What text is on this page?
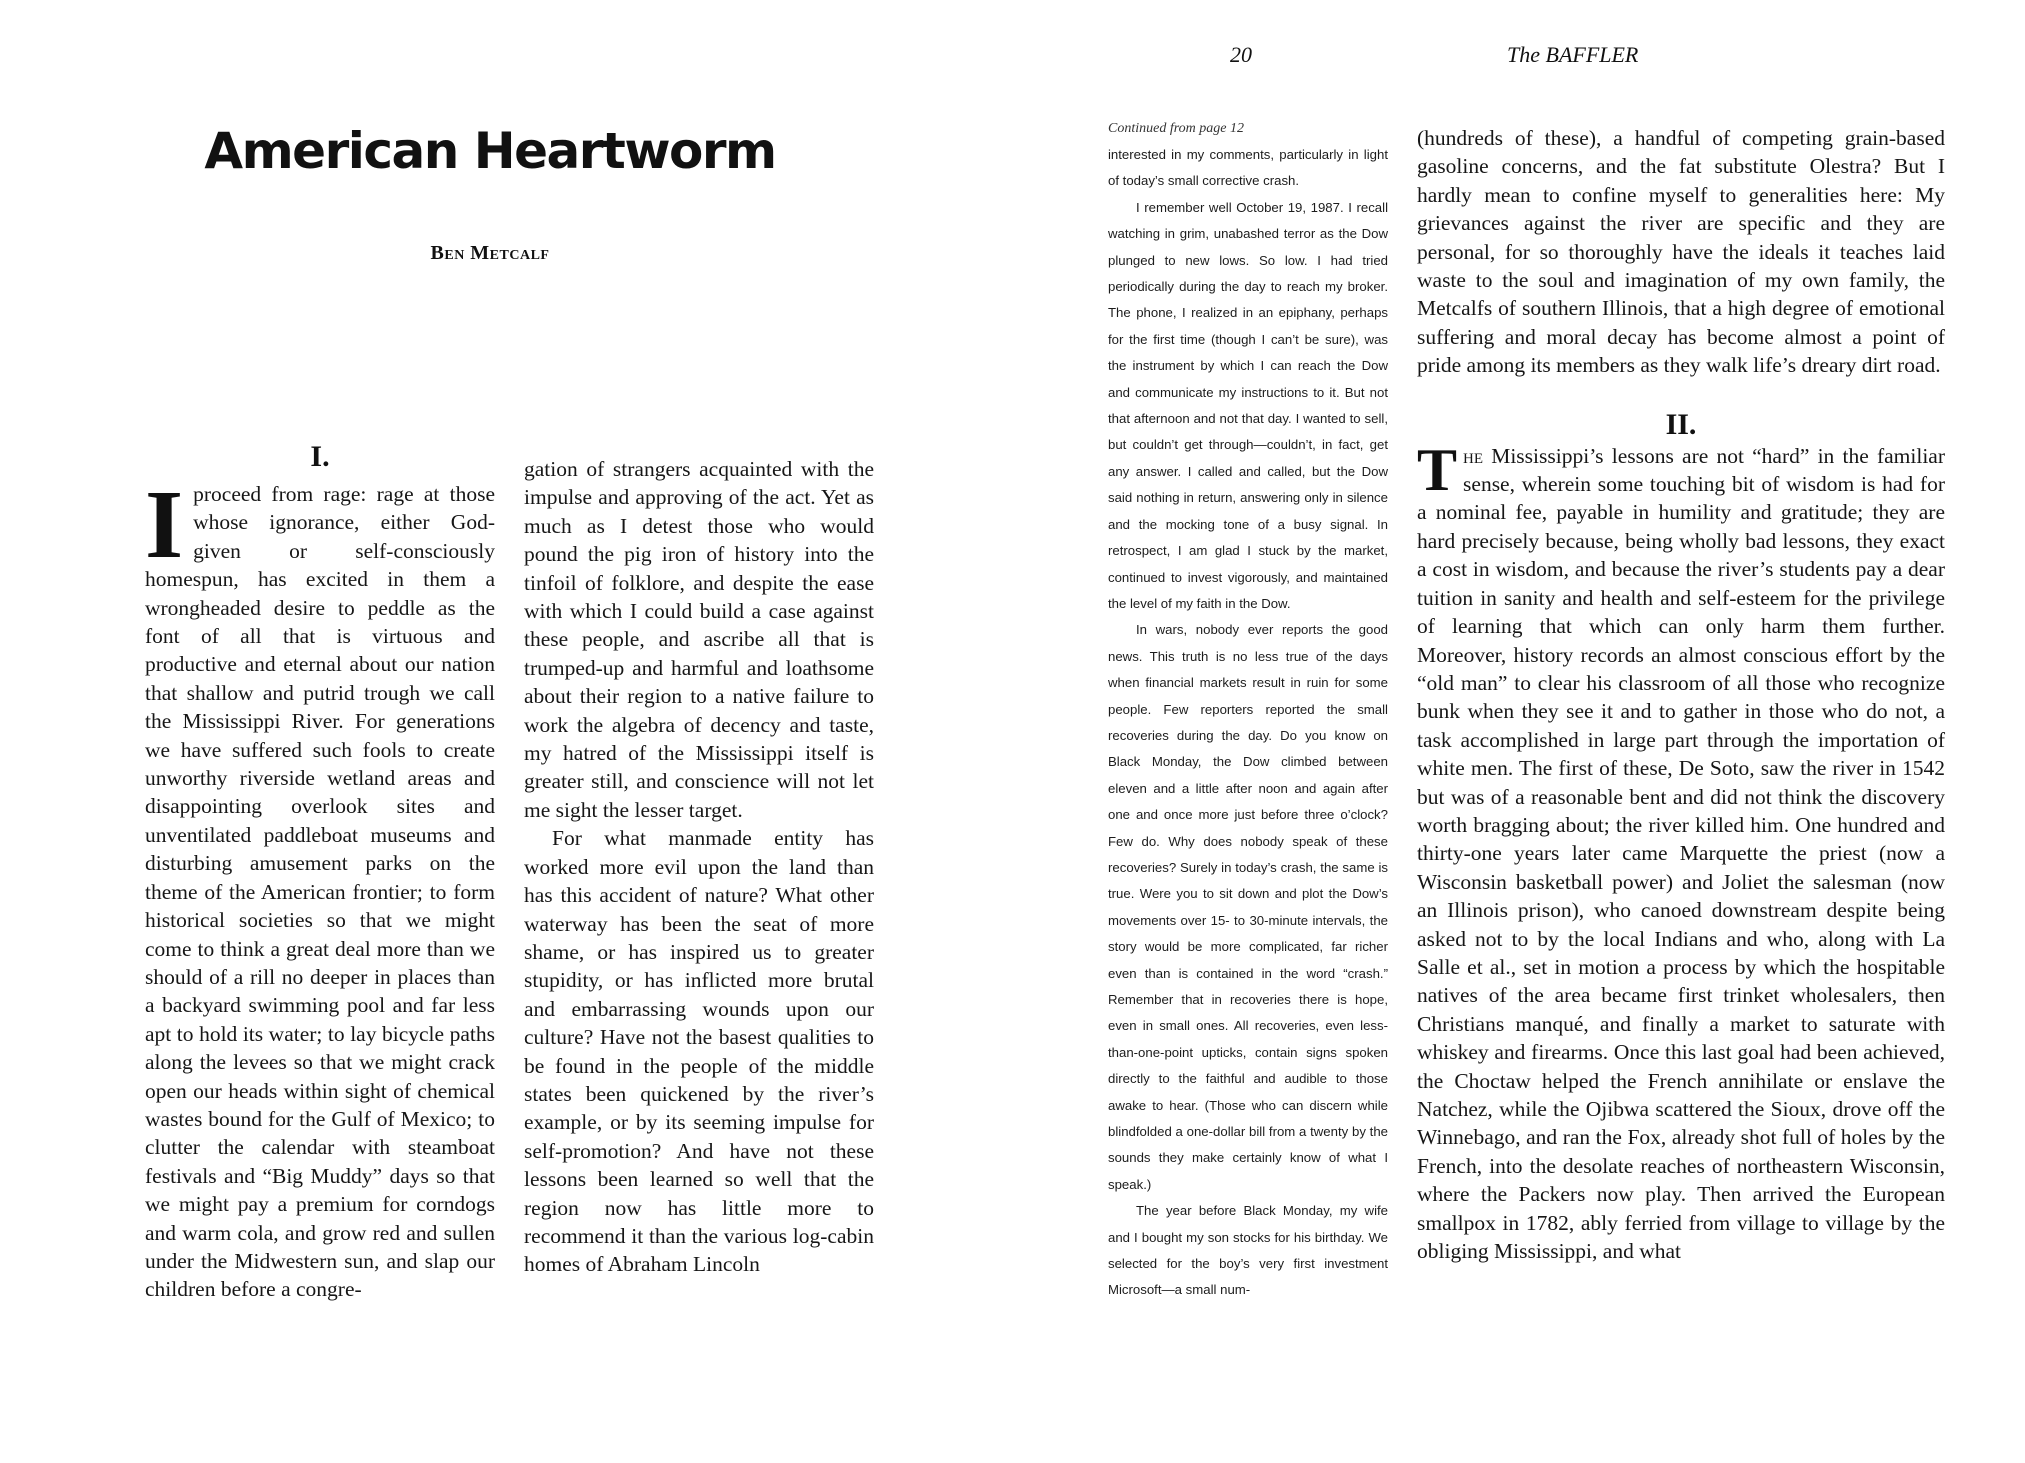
American Heartworm
Ben Metcalf
I.

I proceed from rage: rage at those whose ignorance, either God-given or self-consciously homespun, has excited in them a wrongheaded desire to peddle as the font of all that is virtuous and productive and eternal about our nation that shallow and putrid trough we call the Mississippi River. For generations we have suffered such fools to create unworthy riverside wetland areas and disappointing overlook sites and unventilated paddleboat museums and disturbing amusement parks on the theme of the American frontier; to form historical societies so that we might come to think a great deal more than we should of a rill no deeper in places than a backyard swimming pool and far less apt to hold its water; to lay bicycle paths along the levees so that we might crack open our heads within sight of chemical wastes bound for the Gulf of Mexico; to clutter the calendar with steamboat festivals and “Big Muddy” days so that we might pay a premium for corndogs and warm cola, and grow red and sullen under the Midwestern sun, and slap our children before a congre-

gation of strangers acquainted with the impulse and approving of the act. Yet as much as I detest those who would pound the pig iron of history into the tinfoil of folklore, and despite the ease with which I could build a case against these people, and ascribe all that is trumped-up and harmful and loathsome about their region to a native failure to work the algebra of decency and taste, my hatred of the Mississippi itself is greater still, and conscience will not let me sight the lesser target.

For what manmade entity has worked more evil upon the land than has this accident of nature? What other waterway has been the seat of more shame, or has inspired us to greater stupidity, or has inflicted more brutal and embarrassing wounds upon our culture? Have not the basest qualities to be found in the people of the middle states been quickened by the river’s example, or by its seeming impulse for self-promotion? And have not these lessons been learned so well that the region now has little more to recommend it than the various log-cabin homes of Abraham Lincoln

20	The BAFFLER

Continued from page 12

interested in my comments, particularly in light of today’s small corrective crash.

I remember well October 19, 1987. I recall watching in grim, unabashed terror as the Dow plunged to new lows. So low. I had tried periodically during the day to reach my broker. The phone, I realized in an epiphany, perhaps for the first time (though I can’t be sure), was the instrument by which I can reach the Dow and communicate my instructions to it. But not that afternoon and not that day. I wanted to sell, but couldn’t get through—couldn’t, in fact, get any answer. I called and called, but the Dow said nothing in return, answering only in silence and the mocking tone of a busy signal. In retrospect, I am glad I stuck by the market, continued to invest vigorously, and maintained the level of my faith in the Dow.

In wars, nobody ever reports the good news. This truth is no less true of the days when financial markets result in ruin for some people. Few reporters reported the small recoveries during the day. Do you know on Black Monday, the Dow climbed between eleven and a little after noon and again after one and once more just before three o’clock? Few do. Why does nobody speak of these recoveries? Surely in today’s crash, the same is true. Were you to sit down and plot the Dow’s movements over 15- to 30-minute intervals, the story would be more complicated, far richer even than is contained in the word “crash.” Remember that in recoveries there is hope, even in small ones. All recoveries, even less-than-one-point upticks, contain signs spoken directly to the faithful and audible to those awake to hear. (Those who can discern while blindfolded a one-dollar bill from a twenty by the sounds they make certainly know of what I speak.)

The year before Black Monday, my wife and I bought my son stocks for his birthday. We selected for the boy’s very first investment Microsoft—a small num-

(hundreds of these), a handful of competing grain-based gasoline concerns, and the fat substitute Olestra? But I hardly mean to confine myself to generalities here: My grievances against the river are specific and they are personal, for so thoroughly have the ideals it teaches laid waste to the soul and imagination of my own family, the Metcalfs of southern Illinois, that a high degree of emotional suffering and moral decay has become almost a point of pride among its members as they walk life’s dreary dirt road.

II.

T he Mississippi’s lessons are not “hard” in the familiar sense, wherein some touching bit of wisdom is had for a nominal fee, payable in humility and gratitude; they are hard precisely because, being wholly bad lessons, they exact a cost in wisdom, and because the river’s students pay a dear tuition in sanity and health and self-esteem for the privilege of learning that which can only harm them further. Moreover, history records an almost conscious effort by the “old man” to clear his classroom of all those who recognize bunk when they see it and to gather in those who do not, a task accomplished in large part through the importation of white men. The first of these, De Soto, saw the river in 1542 but was of a reasonable bent and did not think the discovery worth bragging about; the river killed him. One hundred and thirty-one years later came Marquette the priest (now a Wisconsin basketball power) and Joliet the salesman (now an Illinois prison), who canoed downstream despite being asked not to by the local Indians and who, along with La Salle et al., set in motion a process by which the hospitable natives of the area became first trinket wholesalers, then Christians manqué, and finally a market to saturate with whiskey and firearms. Once this last goal had been achieved, the Choctaw helped the French annihilate or enslave the Natchez, while the Ojibwa scattered the Sioux, drove off the Winnebago, and ran the Fox, already shot full of holes by the French, into the desolate reaches of northeastern Wisconsin, where the Packers now play. Then arrived the European smallpox in 1782, ably ferried from village to village by the obliging Mississippi, and what
